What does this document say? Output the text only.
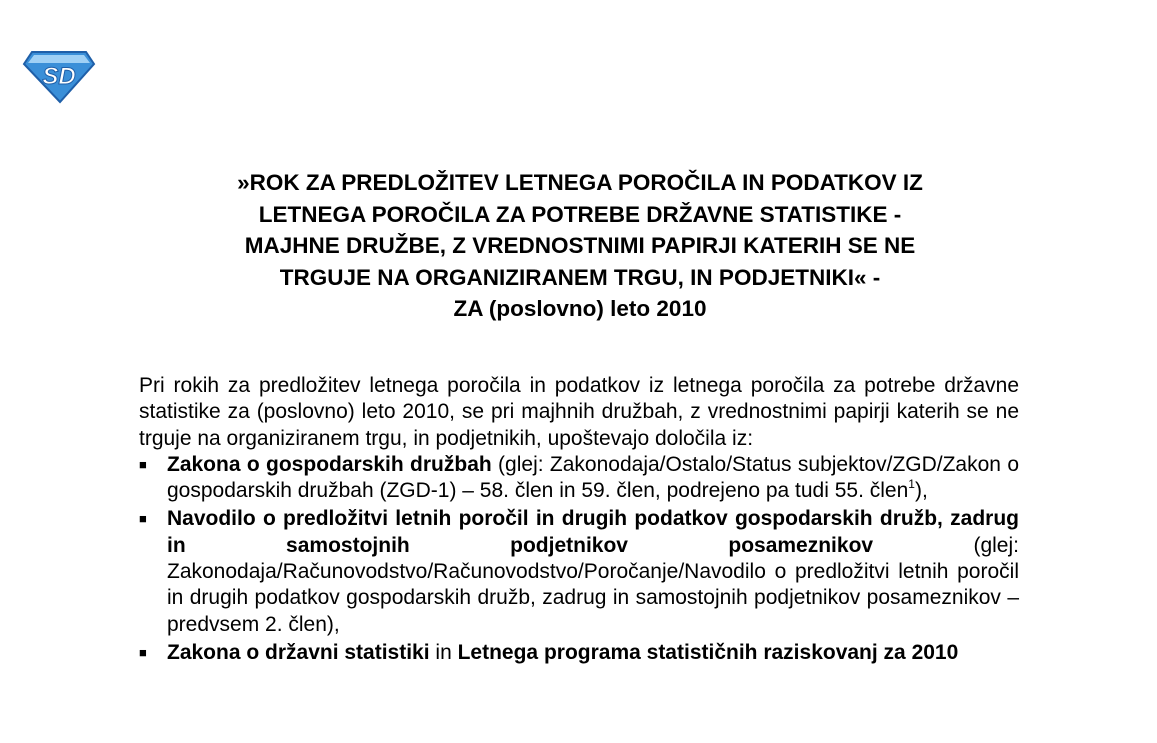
SD
»ROK ZA PREDLOŽITEV LETNEGA POROČILA IN PODATKOV IZ
LETNEGA POROČILA ZA POTREBE DRŽAVNE STATISTIKE -
MAJHNE DRUŽBE, Z VREDNOSTNIMI PAPIRJI KATERIH SE NE
TRGUJE NA ORGANIZIRANEM TRGU, IN PODJETNIKI« -
ZA (poslovno) leto 2010

Pri rokih za predložitev letnega poročila in podatkov iz letnega poročila za potrebe državne statistike za (poslovno) leto 2010, se pri majhnih družbah, z vrednostnimi papirji katerih se ne trguje na organiziranem trgu, in podjetnikih, upoštevajo določila iz:

■ Zakona o gospodarskih družbah (glej: Zakonodaja/Ostalo/Status subjektov/ZGD/Zakon o gospodarskih družbah (ZGD-1) – 58. člen in 59. člen, podrejeno pa tudi 55. člen$^1$),
■ Navodilo o predložitvi letnih poročil in drugih podatkov gospodarskih družb, zadrug in samostojnih podjetnikov posameznikov (glej: Zakonodaja/Računovodstvo/Računovodstvo/Poročanje/Navodilo o predložitvi letnih poročil in drugih podatkov gospodarskih družb, zadrug in samostojnih podjetnikov posameznikov – predvsem 2. člen),
■ Zakona o državni statistiki in Letnega programa statističnih raziskovanj za 2010
